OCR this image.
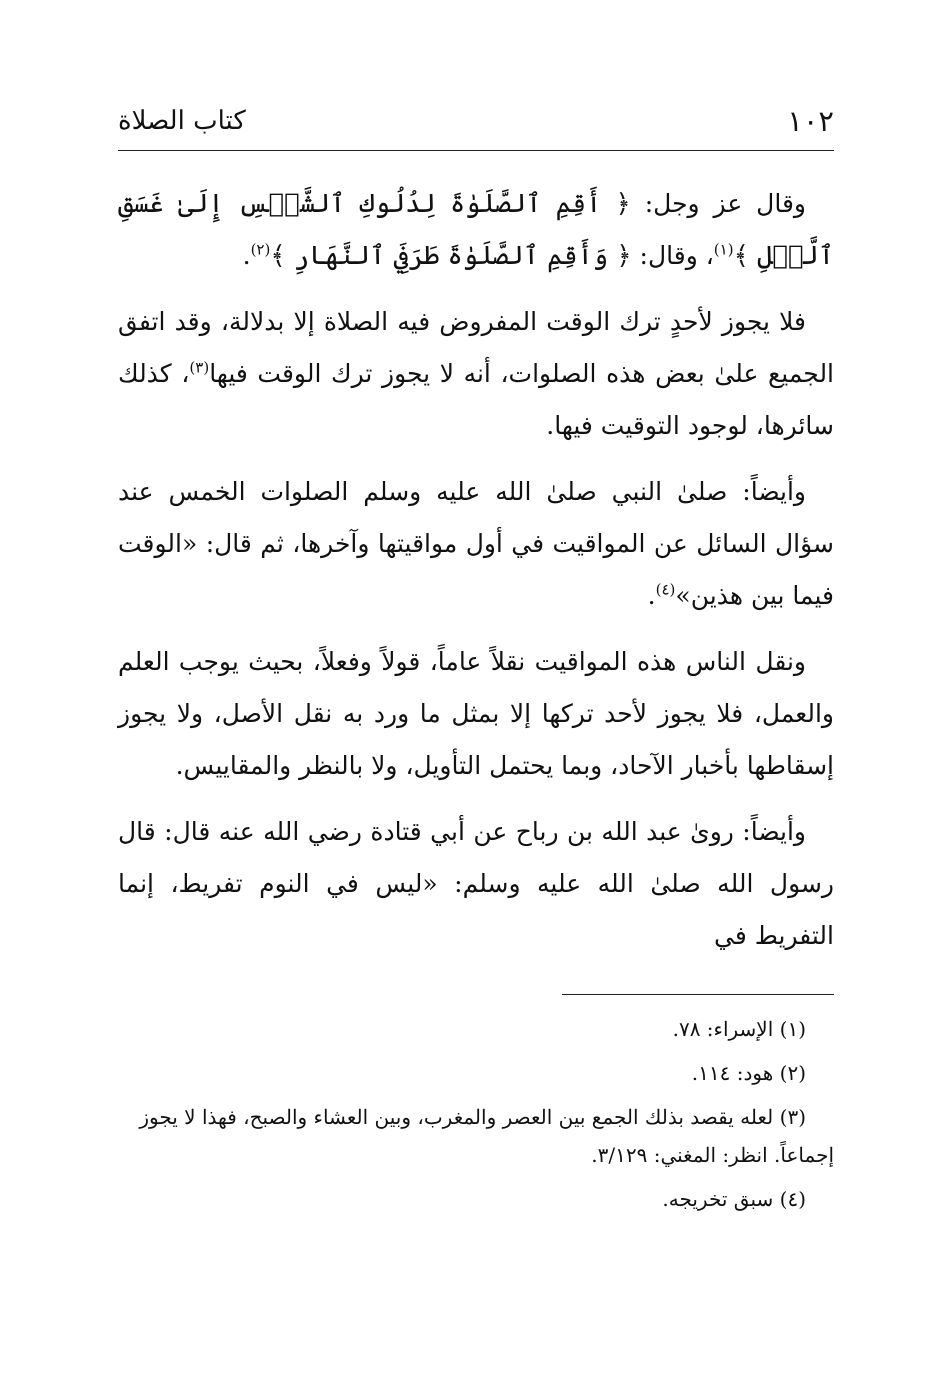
١٠٢
كتاب الصلاة

وقال عز وجل: ﴿ أَقِمِ ٱلصَّلَوٰةَ لِدُلُوكِ ٱلشَّمۡسِ إِلَىٰ غَسَقِ ٱلَّيۡلِ ﴾$^{(١)}$، وقال: ﴿ وَأَقِمِ ٱلصَّلَوٰةَ طَرَفَيِ ٱلنَّهَارِ ﴾$^{(٢)}$.

فلا يجوز لأحدٍ ترك الوقت المفروض فيه الصلاة إلا بدلالة، وقد اتفق الجميع علىٰ بعض هذه الصلوات، أنه لا يجوز ترك الوقت فيها$^{(٣)}$، كذلك سائرها، لوجود التوقيت فيها.

وأيضاً: صلىٰ النبي صلىٰ الله عليه وسلم الصلوات الخمس عند سؤال السائل عن المواقيت في أول مواقيتها وآخرها، ثم قال: «الوقت فيما بين هذين»$^{(٤)}$.

ونقل الناس هذه المواقيت نقلاً عاماً، قولاً وفعلاً، بحيث يوجب العلم والعمل، فلا يجوز لأحد تركها إلا بمثل ما ورد به نقل الأصل، ولا يجوز إسقاطها بأخبار الآحاد، وبما يحتمل التأويل، ولا بالنظر والمقاييس.

وأيضاً: روىٰ عبد الله بن رباح عن أبي قتادة رضي الله عنه قال: قال رسول الله صلىٰ الله عليه وسلم: «ليس في النوم تفريط، إنما التفريط في

(١) الإسراء: ٧٨.

(٢) هود: ١١٤.

(٣) لعله يقصد بذلك الجمع بين العصر والمغرب، وبين العشاء والصبح، فهذا لا يجوز إجماعاً. انظر: المغني: ٣/١٢٩.

(٤) سبق تخريجه.
